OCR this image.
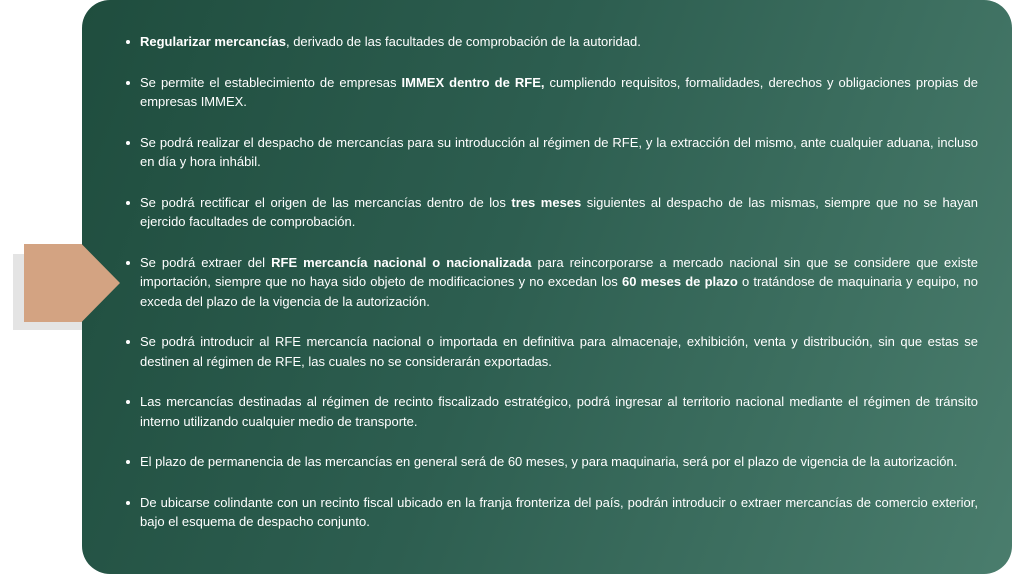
Regularizar mercancías, derivado de las facultades de comprobación de la autoridad.
Se permite el establecimiento de empresas IMMEX dentro de RFE, cumpliendo requisitos, formalidades, derechos y obligaciones propias de empresas IMMEX.
Se podrá realizar el despacho de mercancías para su introducción al régimen de RFE, y la extracción del mismo, ante cualquier aduana, incluso en día y hora inhábil.
Se podrá rectificar el origen de las mercancías dentro de los tres meses siguientes al despacho de las mismas, siempre que no se hayan ejercido facultades de comprobación.
Se podrá extraer del RFE mercancía nacional o nacionalizada para reincorporarse a mercado nacional sin que se considere que existe importación, siempre que no haya sido objeto de modificaciones y no excedan los 60 meses de plazo o tratándose de maquinaria y equipo, no exceda del plazo de la vigencia de la autorización.
Se podrá introducir al RFE mercancía nacional o importada en definitiva para almacenaje, exhibición, venta y distribución, sin que estas se destinen al régimen de RFE, las cuales no se considerarán exportadas.
Las mercancías destinadas al régimen de recinto fiscalizado estratégico, podrá ingresar al territorio nacional mediante el régimen de tránsito interno utilizando cualquier medio de transporte.
El plazo de permanencia de las mercancías en general será de 60 meses, y para maquinaria, será por el plazo de vigencia de la autorización.
De ubicarse colindante con un recinto fiscal ubicado en la franja fronteriza del país, podrán introducir o extraer mercancías de comercio exterior, bajo el esquema de despacho conjunto.
